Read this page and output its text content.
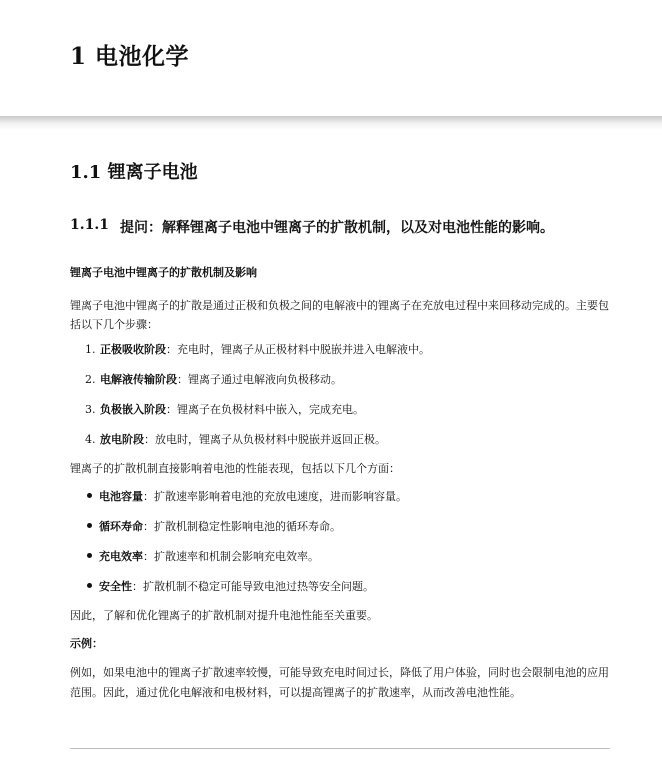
1 电池化学
1.1 锂离子电池
1.1.1 提问：解释锂离子电池中锂离子的扩散机制，以及对电池性能的影响。
锂离子电池中锂离子的扩散机制及影响

锂离子电池中锂离子的扩散是通过正极和负极之间的电解液中的锂离子在充放电过程中来回移动完成的。主要包括以下几个步骤：

1. 正极吸收阶段：充电时，锂离子从正极材料中脱嵌并进入电解液中。
2. 电解液传输阶段：锂离子通过电解液向负极移动。
3. 负极嵌入阶段：锂离子在负极材料中嵌入，完成充电。
4. 放电阶段：放电时，锂离子从负极材料中脱嵌并返回正极。

锂离子的扩散机制直接影响着电池的性能表现，包括以下几个方面：

电池容量：扩散速率影响着电池的充放电速度，进而影响容量。
循环寿命：扩散机制稳定性影响电池的循环寿命。
充电效率：扩散速率和机制会影响充电效率。
安全性：扩散机制不稳定可能导致电池过热等安全问题。

因此，了解和优化锂离子的扩散机制对提升电池性能至关重要。

示例：

例如，如果电池中的锂离子扩散速率较慢，可能导致充电时间过长，降低了用户体验，同时也会限制电池的应用范围。因此，通过优化电解液和电极材料，可以提高锂离子的扩散速率，从而改善电池性能。
